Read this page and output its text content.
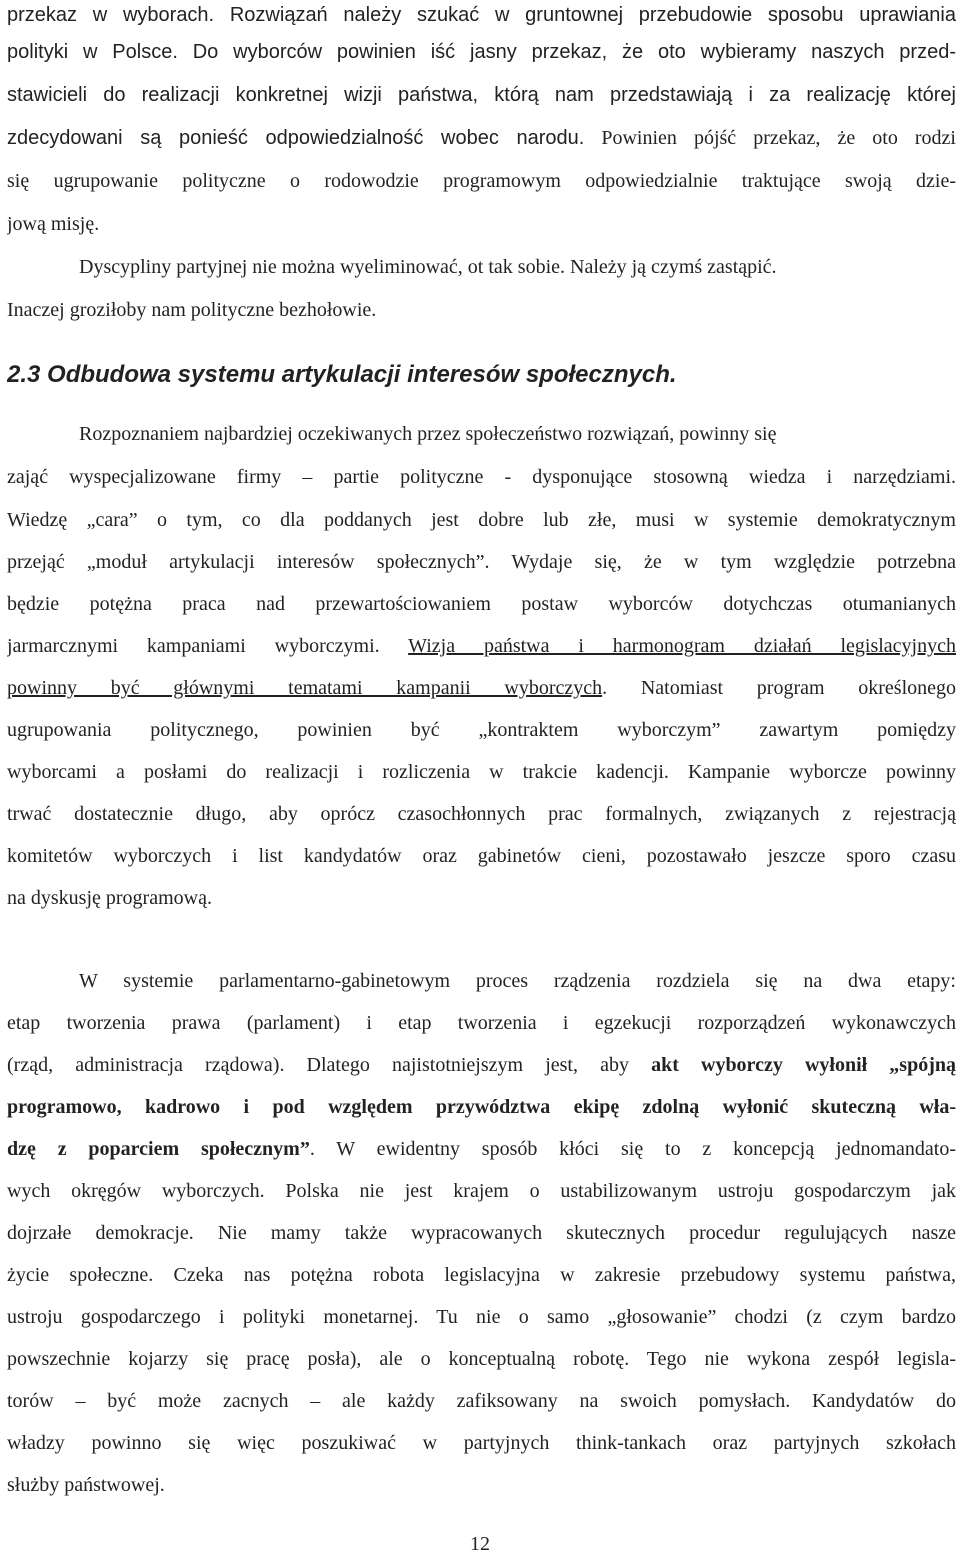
przekaz w wyborach. Rozwiązań należy szukać w gruntownej przebudowie sposobu uprawiania
polityki w Polsce. Do wyborców powinien iść jasny przekaz, że oto wybieramy naszych przed-
stawicieli do realizacji konkretnej wizji państwa, którą nam przedstawiają i za realizację której
zdecydowani są ponieść odpowiedzialność wobec narodu. Powinien pójść przekaz, że oto rodzi
się ugrupowanie polityczne o rodowodzie programowym odpowiedzialnie traktujące swoją dzie-
jową misję.
Dyscypliny partyjnej nie można wyeliminować, ot tak sobie. Należy ją czymś zastąpić.
Inaczej groziłoby nam polityczne bezhołowie.
2.3 Odbudowa systemu artykulacji interesów społecznych.
Rozpoznaniem najbardziej oczekiwanych przez społeczeństwo rozwiązań, powinny się
zająć wyspecjalizowane firmy – partie polityczne - dysponujące stosowną wiedza i narzędziami.
Wiedzę „cara” o tym, co dla poddanych jest dobre lub złe, musi w systemie demokratycznym
przejąć „moduł artykulacji interesów społecznych”. Wydaje się, że w tym względzie potrzebna
będzie potężna praca nad przewartościowaniem postaw wyborców dotychczas otumanianych
jarmarcznymi kampaniami wyborczymi. Wizja państwa i harmonogram działań legislacyjnych
powinny być głównymi tematami kampanii wyborczych. Natomiast program określonego
ugrupowania politycznego, powinien być „kontraktem wyborczym” zawartym pomiędzy
wyborcami a posłami do realizacji i rozliczenia w trakcie kadencji. Kampanie wyborcze powinny
trwać dostatecznie długo, aby oprócz czasochłonnych prac formalnych, związanych z rejestracją
komitetów wyborczych i list kandydatów oraz gabinetów cieni, pozostawało jeszcze sporo czasu
na dyskusję programową.
W systemie parlamentarno-gabinetowym proces rządzenia rozdziela się na dwa etapy:
etap tworzenia prawa (parlament) i etap tworzenia i egzekucji rozporządzeń wykonawczych
(rząd, administracja rządowa). Dlatego najistotniejszym jest, aby akt wyborczy wyłonił „spójną
programowo, kadrowo i pod względem przywództwa ekipę zdolną wyłonić skuteczną wła-
dzę z poparciem społecznym”. W ewidentny sposób kłóci się to z koncepcją jednomandato-
wych okręgów wyborczych. Polska nie jest krajem o ustabilizowanym ustroju gospodarczym jak
dojrzałe demokracje. Nie mamy także wypracowanych skutecznych procedur regulujących nasze
życie społeczne. Czeka nas potężna robota legislacyjna w zakresie przebudowy systemu państwa,
ustroju gospodarczego i polityki monetarnej. Tu nie o samo „głosowanie” chodzi (z czym bardzo
powszechnie kojarzy się pracę posła), ale o konceptualną robotę. Tego nie wykona zespół legisla-
torów – być może zacnych – ale każdy zafiksowany na swoich pomysłach. Kandydatów do
władzy powinno się więc poszukiwać w partyjnych think-tankach oraz partyjnych szkołach
służby państwowej.
12
